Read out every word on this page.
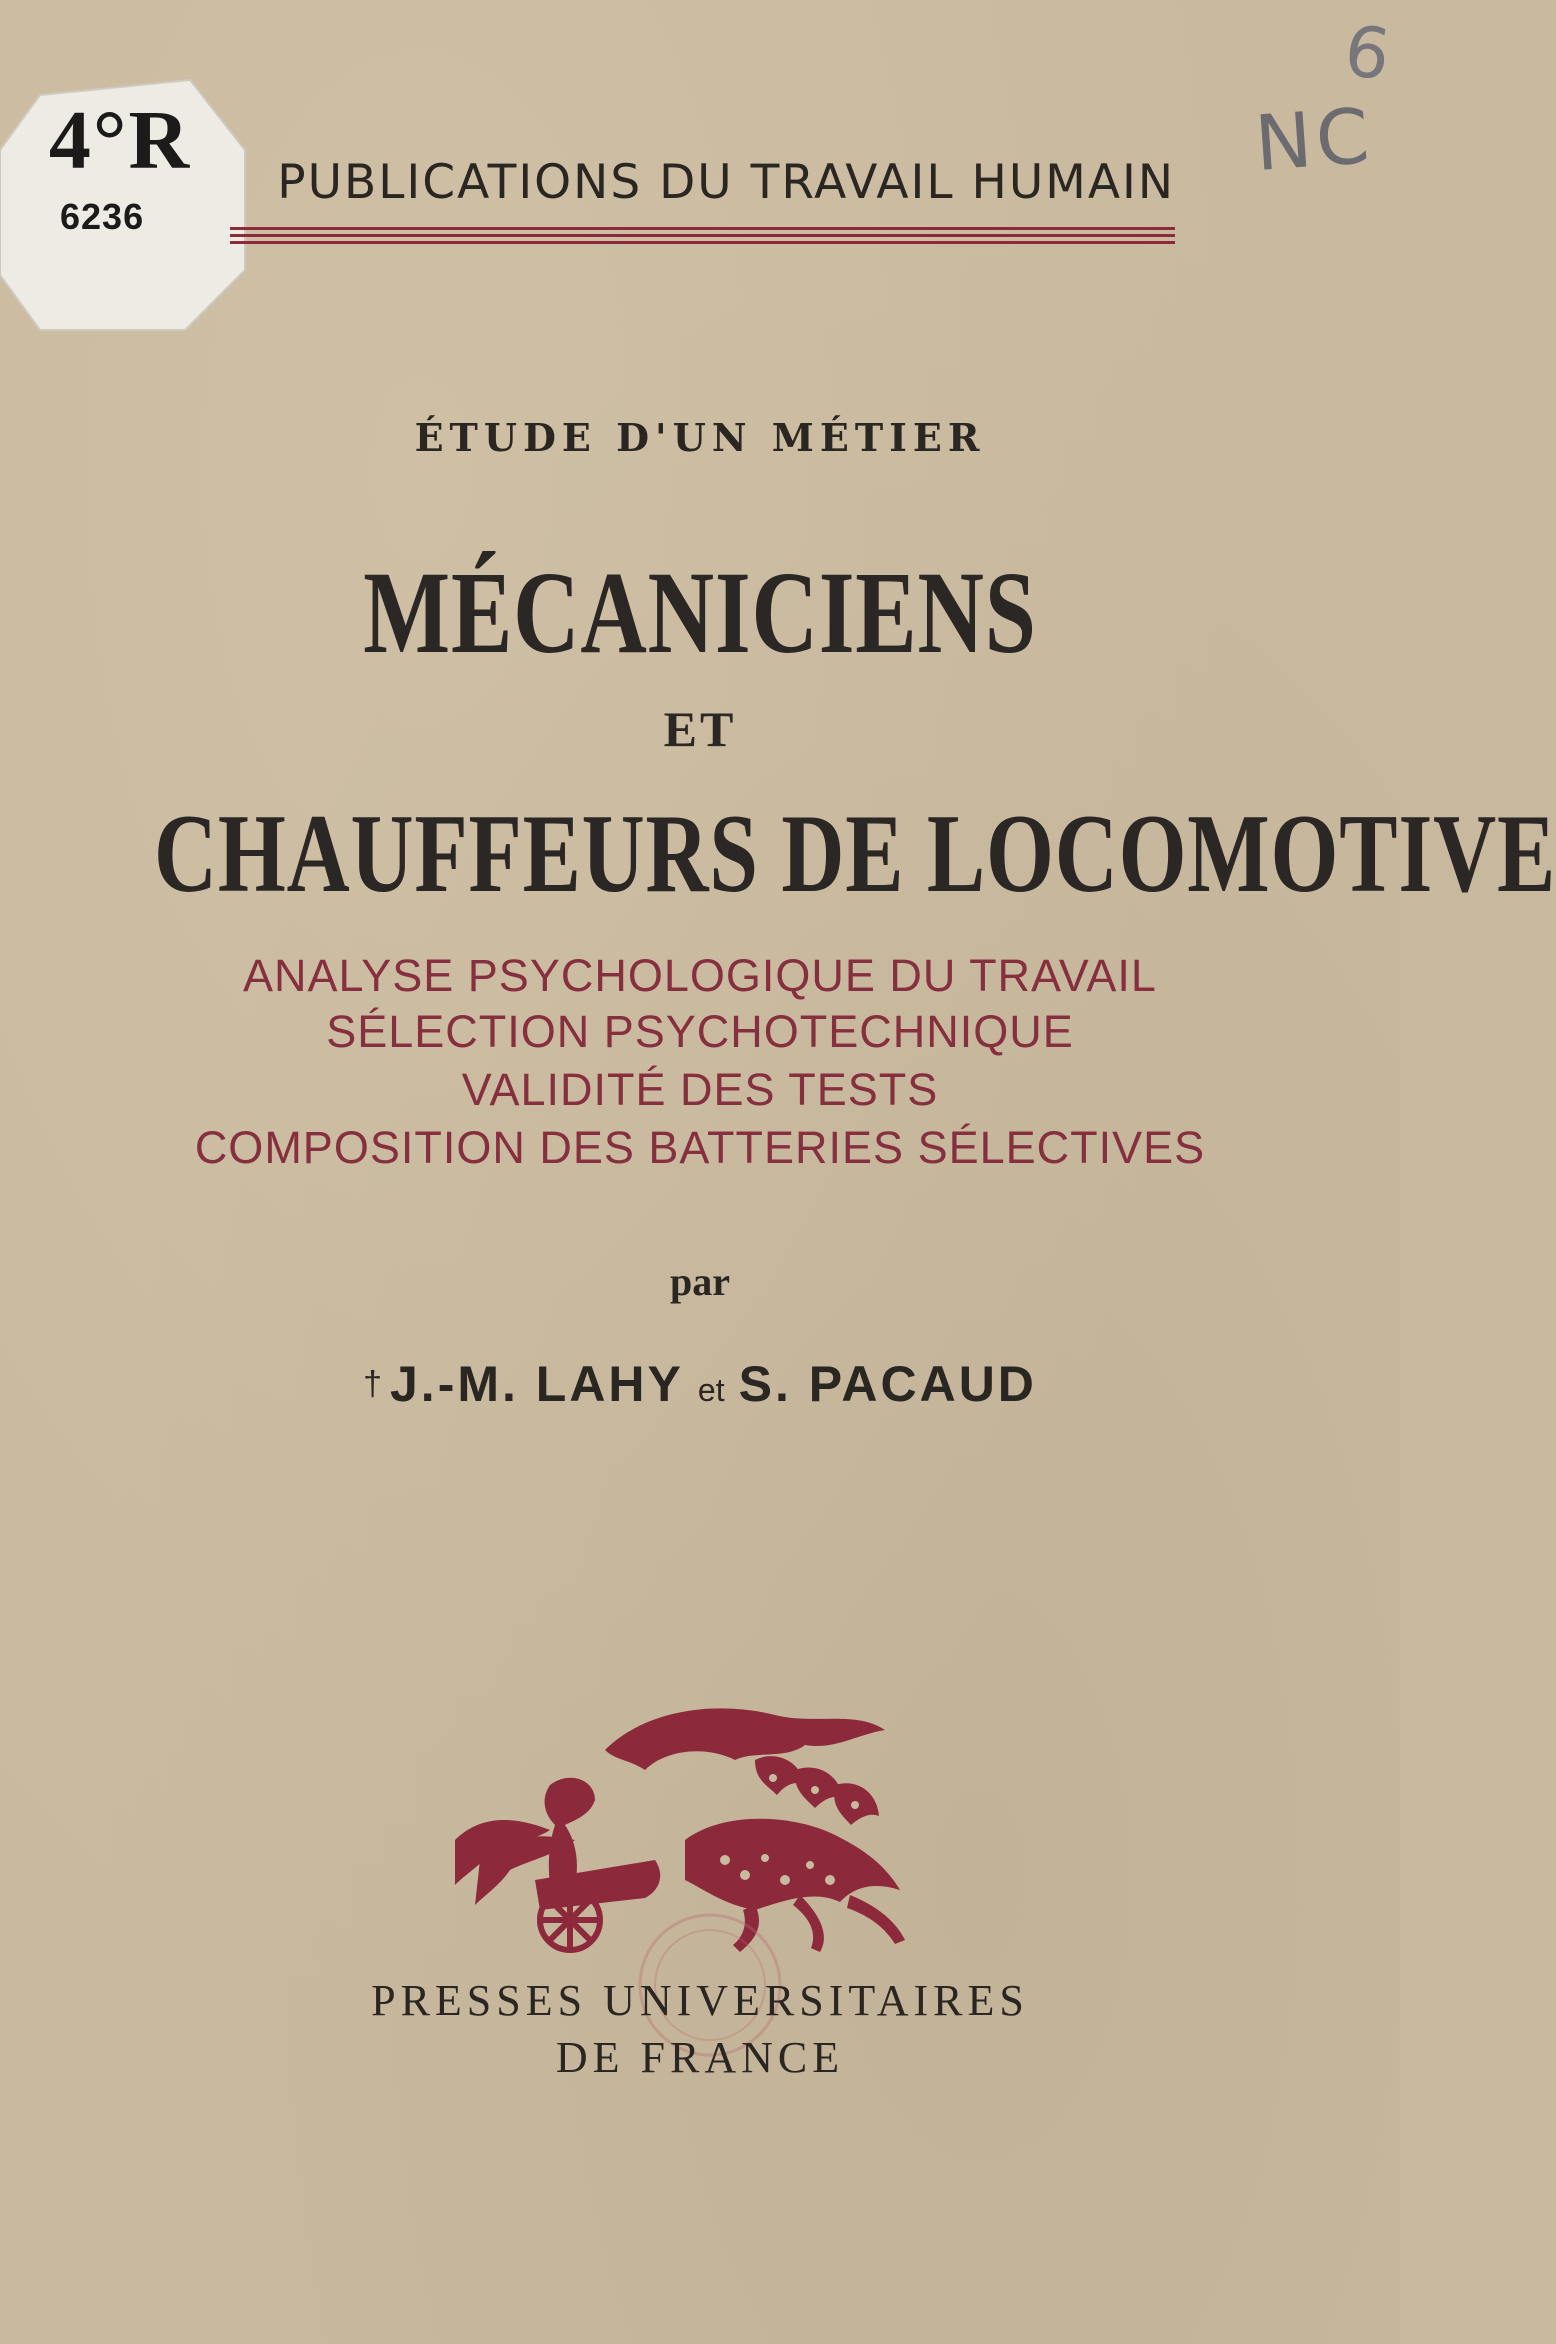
4°R
6236
6
NC
PUBLICATIONS DU TRAVAIL HUMAIN
ÉTUDE D'UN MÉTIER
MÉCANICIENS
ET
CHAUFFEURS DE LOCOMOTIVE
ANALYSE PSYCHOLOGIQUE DU TRAVAIL
SÉLECTION PSYCHOTECHNIQUE
VALIDITÉ DES TESTS
COMPOSITION DES BATTERIES SÉLECTIVES
par
† J.-M. LAHY et S. PACAUD
PRESSES UNIVERSITAIRES
DE FRANCE
